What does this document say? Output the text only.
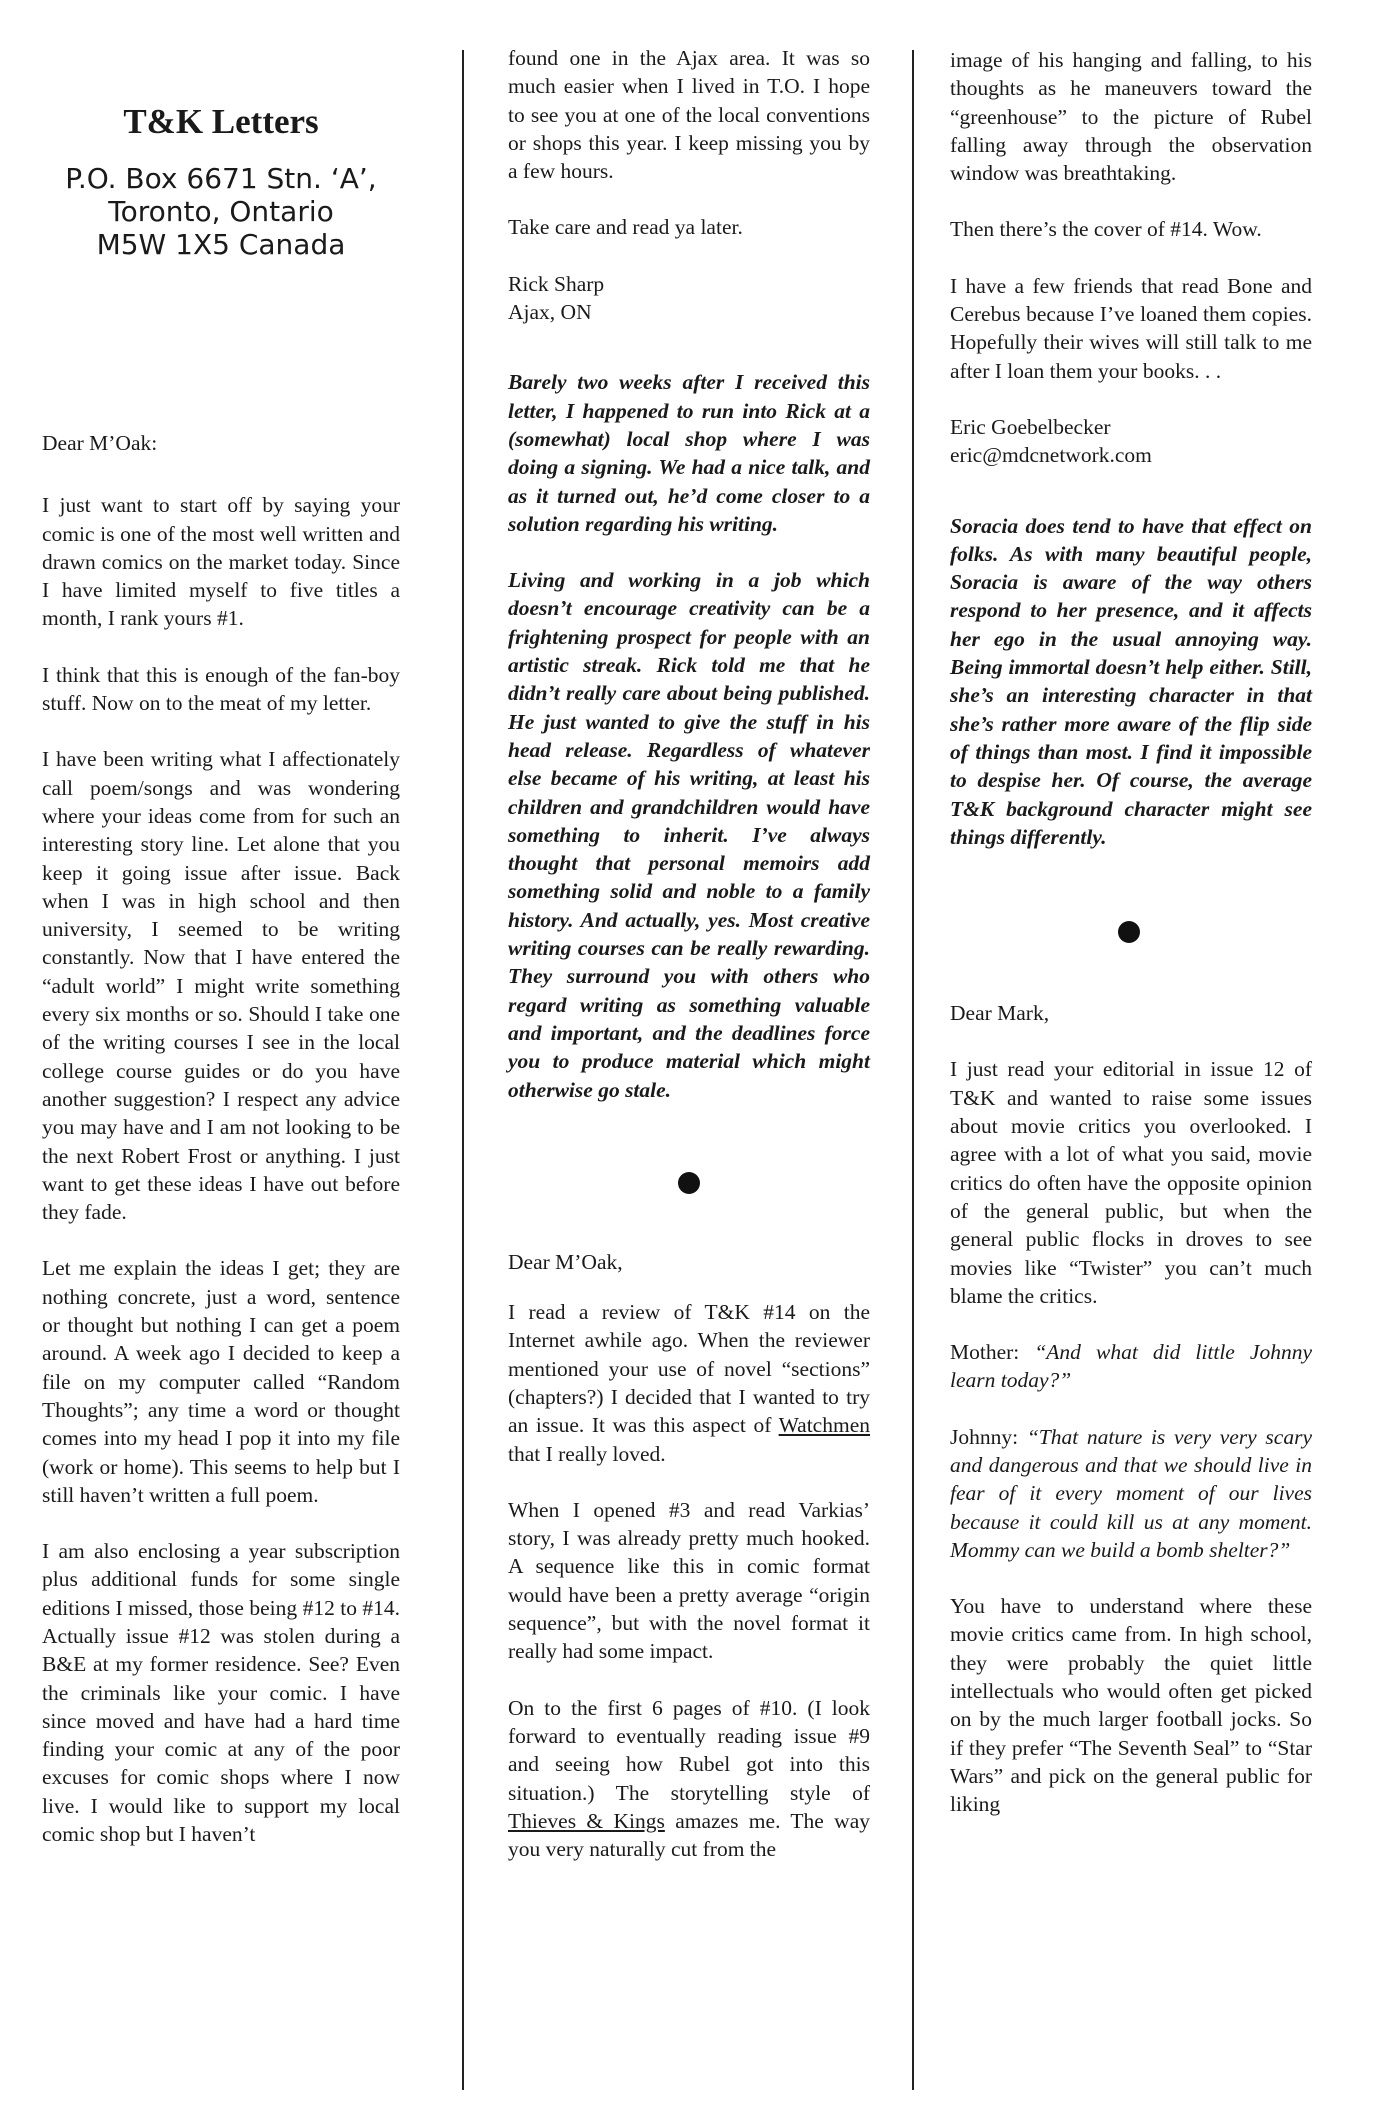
T&K Letters

P.O. Box 6671 Stn. ‘A’,

Toronto, Ontario

M5W 1X5 Canada

Dear M’Oak:

I just want to start off by saying your comic is one of the most well written and drawn comics on the market today. Since I have limited myself to five titles a month, I rank yours #1.

I think that this is enough of the fan-boy stuff. Now on to the meat of my letter.

I have been writing what I affectionately call poem/songs and was wondering where your ideas come from for such an interesting story line. Let alone that you keep it going issue after issue. Back when I was in high school and then university, I seemed to be writing constantly. Now that I have entered the “adult world” I might write something every six months or so. Should I take one of the writing courses I see in the local college course guides or do you have another suggestion? I respect any advice you may have and I am not looking to be the next Robert Frost or anything. I just want to get these ideas I have out before they fade.

Let me explain the ideas I get; they are nothing concrete, just a word, sentence or thought but nothing I can get a poem around. A week ago I decided to keep a file on my computer called “Random Thoughts”; any time a word or thought comes into my head I pop it into my file (work or home). This seems to help but I still haven’t written a full poem.

I am also enclosing a year subscription plus additional funds for some single editions I missed, those being #12 to #14. Actually issue #12 was stolen during a B&E at my former residence. See? Even the criminals like your comic. I have since moved and have had a hard time finding your comic at any of the poor excuses for comic shops where I now live. I would like to support my local comic shop but I haven’t

found one in the Ajax area. It was so much easier when I lived in T.O. I hope to see you at one of the local conventions or shops this year. I keep missing you by a few hours.

Take care and read ya later.

Rick Sharp

Ajax, ON

Barely two weeks after I received this letter, I happened to run into Rick at a (somewhat) local shop where I was doing a signing. We had a nice talk, and as it turned out, he’d come closer to a solution regarding his writing.

Living and working in a job which doesn’t encourage creativity can be a frightening prospect for people with an artistic streak. Rick told me that he didn’t really care about being published. He just wanted to give the stuff in his head release. Regardless of whatever else became of his writing, at least his children and grandchildren would have something to inherit. I’ve always thought that personal memoirs add something solid and noble to a family history. And actually, yes. Most creative writing courses can be really rewarding. They surround you with others who regard writing as something valuable and important, and the deadlines force you to produce material which might otherwise go stale.

Dear M’Oak,

I read a review of T&K #14 on the Internet awhile ago. When the reviewer mentioned your use of novel “sections” (chapters?) I decided that I wanted to try an issue. It was this aspect of Watchmen that I really loved.

When I opened #3 and read Varkias’ story, I was already pretty much hooked. A sequence like this in comic format would have been a pretty average “origin sequence”, but with the novel format it really had some impact.

On to the first 6 pages of #10. (I look forward to eventually reading issue #9 and seeing how Rubel got into this situation.) The storytelling style of Thieves & Kings amazes me. The way you very naturally cut from the

image of his hanging and falling, to his thoughts as he maneuvers toward the “greenhouse” to the picture of Rubel falling away through the observation window was breathtaking.

Then there’s the cover of #14. Wow.

I have a few friends that read Bone and Cerebus because I’ve loaned them copies. Hopefully their wives will still talk to me after I loan them your books. . .

Eric Goebelbecker

eric@mdcnetwork.com

Soracia does tend to have that effect on folks. As with many beautiful people, Soracia is aware of the way others respond to her presence, and it affects her ego in the usual annoying way. Being immortal doesn’t help either. Still, she’s an interesting character in that she’s rather more aware of the flip side of things than most. I find it impossible to despise her. Of course, the average T&K background character might see things differently.

Dear Mark,

I just read your editorial in issue 12 of T&K and wanted to raise some issues about movie critics you overlooked. I agree with a lot of what you said, movie critics do often have the opposite opinion of the general public, but when the general public flocks in droves to see movies like “Twister” you can’t much blame the critics.

Mother: “And what did little Johnny learn today?”

Johnny: “That nature is very very scary and dangerous and that we should live in fear of it every moment of our lives because it could kill us at any moment. Mommy can we build a bomb shelter?”

You have to understand where these movie critics came from. In high school, they were probably the quiet little intellectuals who would often get picked on by the much larger football jocks. So if they prefer “The Seventh Seal” to “Star Wars” and pick on the general public for liking
